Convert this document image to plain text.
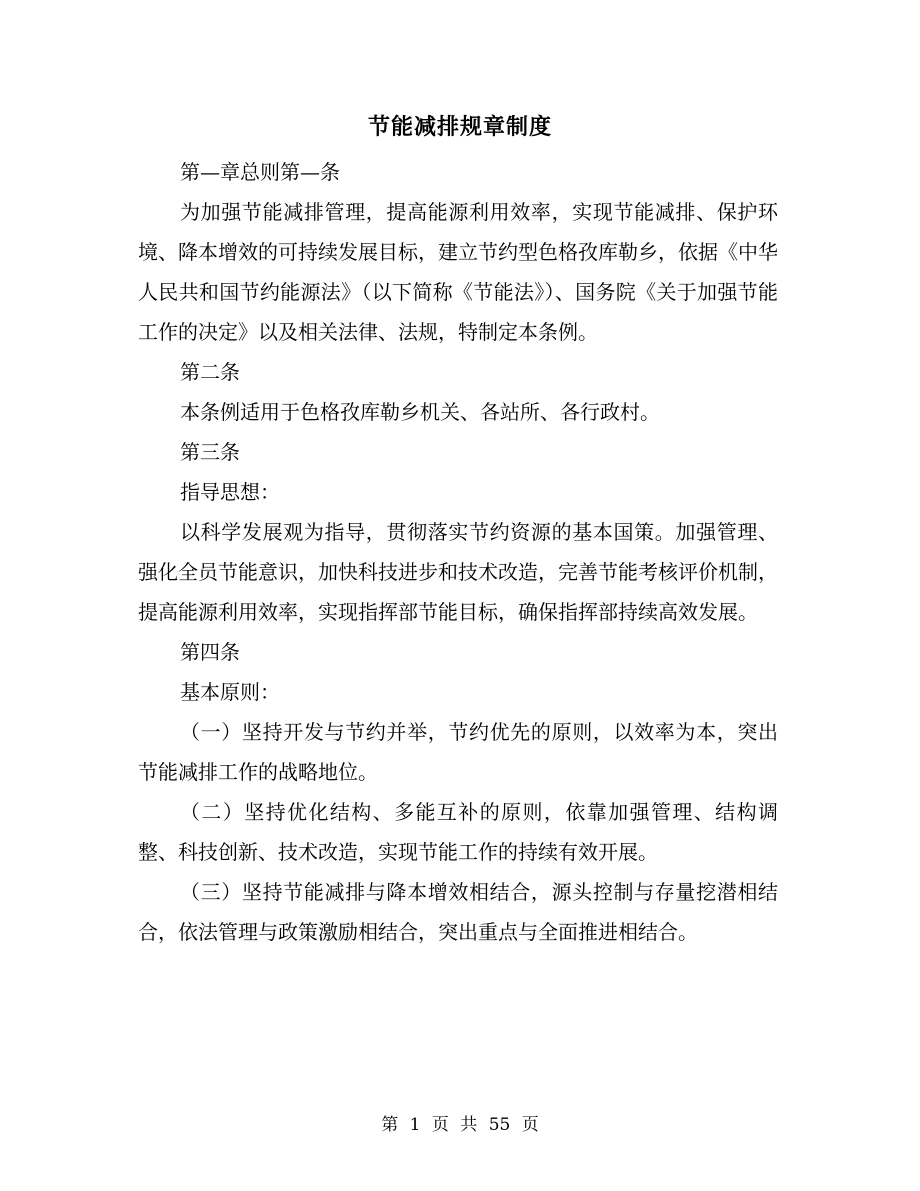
节能减排规章制度

第—章总则第—条

为加强节能减排管理，提高能源利用效率，实现节能减排、保护环境、降本增效的可持续发展目标，建立节约型色格孜库勒乡，依据《中华人民共和国节约能源法》（以下简称《节能法》）、国务院《关于加强节能工作的决定》以及相关法律、法规，特制定本条例。

第二条

本条例适用于色格孜库勒乡机关、各站所、各行政村。

第三条

指导思想：

以科学发展观为指导，贯彻落实节约资源的基本国策。加强管理、强化全员节能意识，加快科技进步和技术改造，完善节能考核评价机制，提高能源利用效率，实现指挥部节能目标，确保指挥部持续高效发展。

第四条

基本原则：

（一）坚持开发与节约并举，节约优先的原则，以效率为本，突出节能减排工作的战略地位。

（二）坚持优化结构、多能互补的原则，依靠加强管理、结构调整、科技创新、技术改造，实现节能工作的持续有效开展。

（三）坚持节能减排与降本增效相结合，源头控制与存量挖潜相结合，依法管理与政策激励相结合，突出重点与全面推进相结合。

第 1 页 共 55 页
